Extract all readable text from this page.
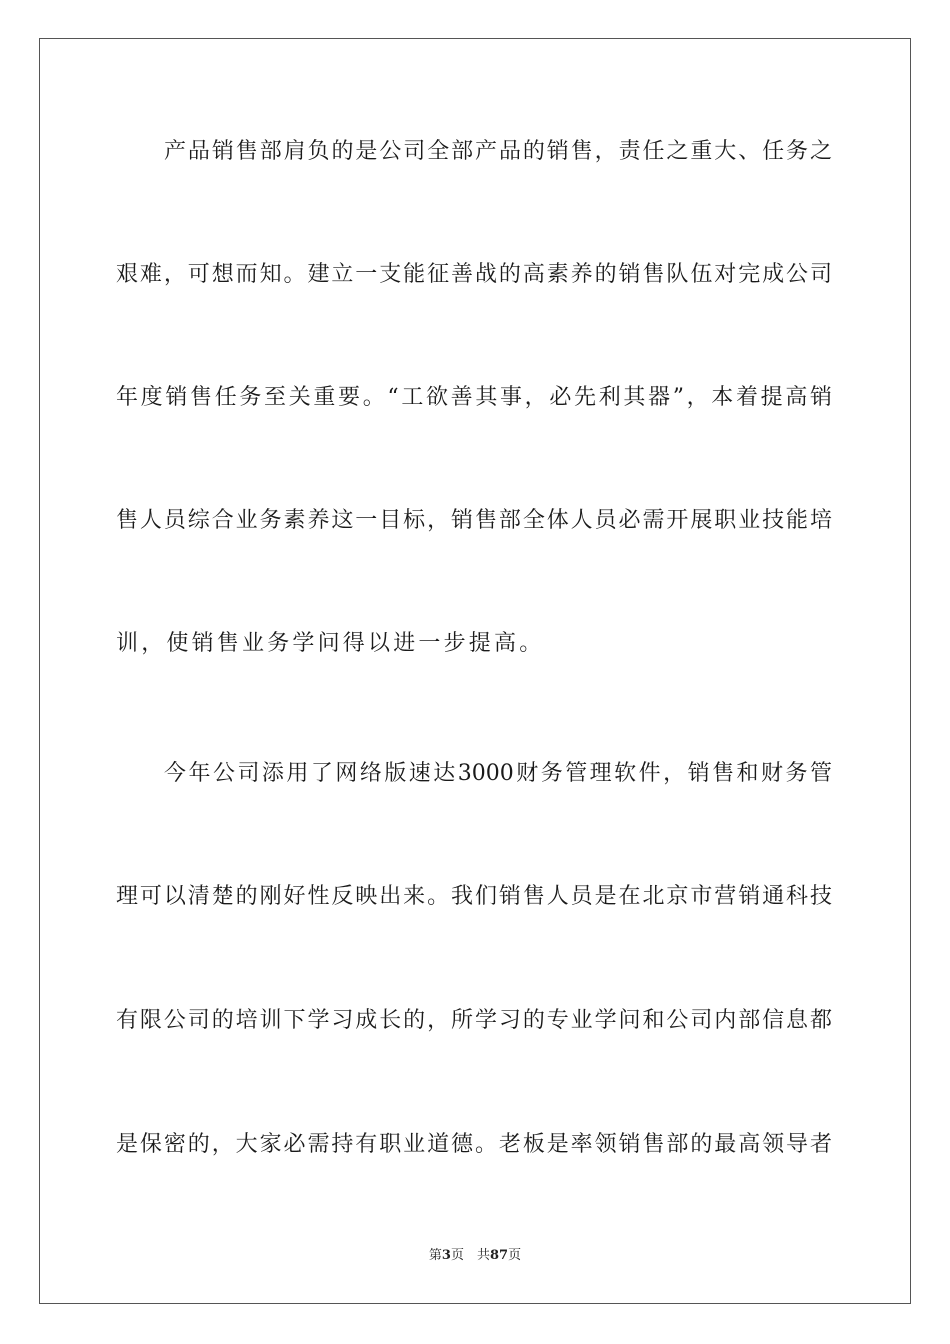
产品销售部肩负的是公司全部产品的销售，责任之重大、任务之
艰难，可想而知。建立一支能征善战的高素养的销售队伍对完成公司
年度销售任务至关重要。“工欲善其事，必先利其器”，本着提高销
售人员综合业务素养这一目标，销售部全体人员必需开展职业技能培
训，使销售业务学问得以进一步提高。
今年公司添用了网络版速达3000财务管理软件，销售和财务管
理可以清楚的刚好性反映出来。我们销售人员是在北京市营销通科技
有限公司的培训下学习成长的，所学习的专业学问和公司内部信息都
是保密的，大家必需持有职业道德。老板是率领销售部的最高领导者
第3页　共87页
